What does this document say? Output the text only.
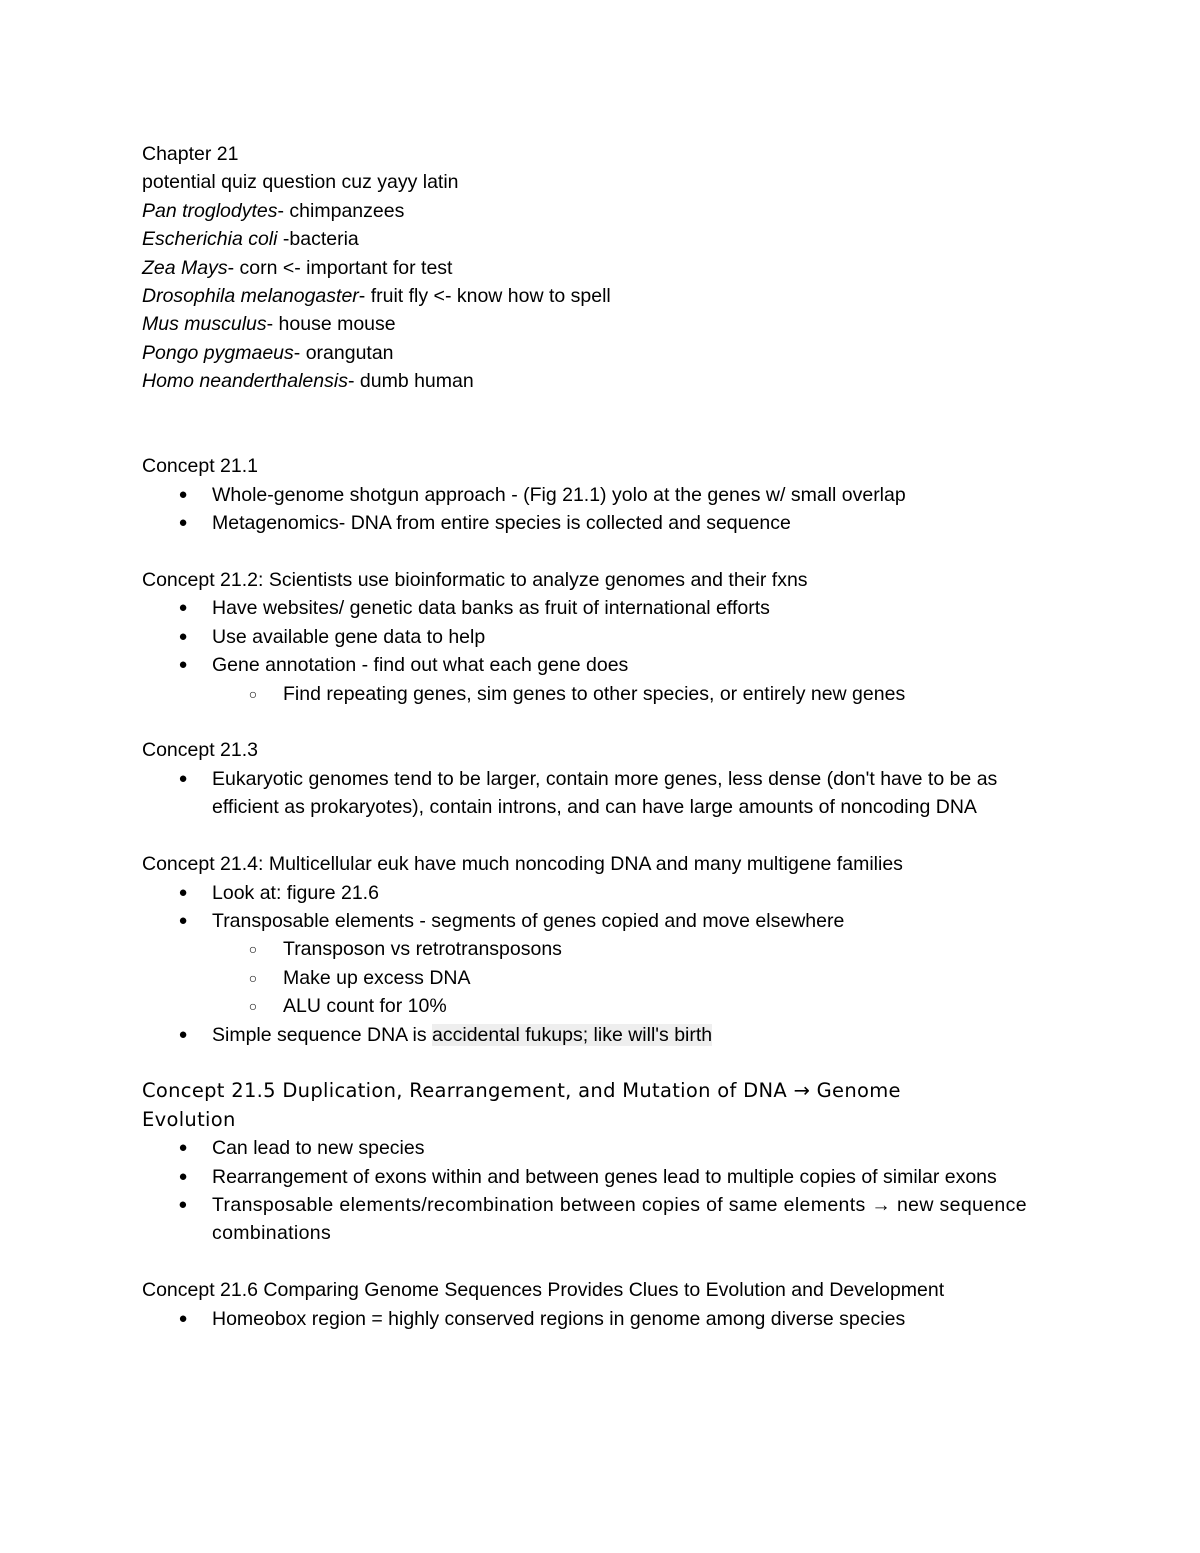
Chapter 21
potential quiz question cuz yayy latin
Pan troglodytes- chimpanzees
Escherichia coli -bacteria
Zea Mays- corn <- important for test
Drosophila melanogaster- fruit fly <- know how to spell
Mus musculus- house mouse
Pongo pygmaeus- orangutan
Homo neanderthalensis- dumb human
Concept 21.1
● Whole-genome shotgun approach - (Fig 21.1) yolo at the genes w/ small overlap
● Metagenomics- DNA from entire species is collected and sequence
Concept 21.2: Scientists use bioinformatic to analyze genomes and their fxns
● Have websites/ genetic data banks as fruit of international efforts
● Use available gene data to help
● Gene annotation - find out what each gene does
○ Find repeating genes, sim genes to other species, or entirely new genes
Concept 21.3
● Eukaryotic genomes tend to be larger, contain more genes, less dense (don't have to be as efficient as prokaryotes), contain introns, and can have large amounts of noncoding DNA
Concept 21.4: Multicellular euk have much noncoding DNA and many multigene families
● Look at: figure 21.6
● Transposable elements - segments of genes copied and move elsewhere
○ Transposon vs retrotransposons
○ Make up excess DNA
○ ALU count for 10%
● Simple sequence DNA is accidental fukups; like will's birth
Concept 21.5 Duplication, Rearrangement, and Mutation of DNA → Genome Evolution
● Can lead to new species
● Rearrangement of exons within and between genes lead to multiple copies of similar exons
● Transposable elements/recombination between copies of same elements → new sequence combinations
Concept 21.6 Comparing Genome Sequences Provides Clues to Evolution and Development
● Homeobox region = highly conserved regions in genome among diverse species
